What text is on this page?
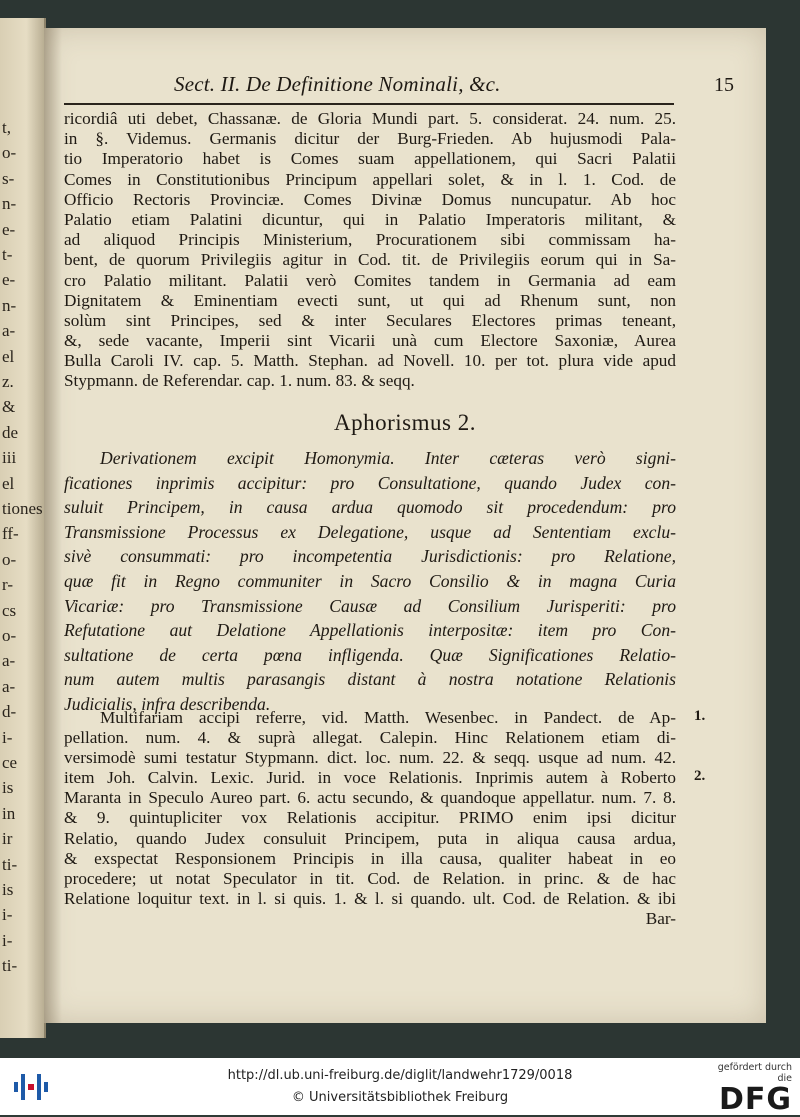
t,
o-
s-
n-
e-
t-
e-
n-
a-
el
z.
&
de
iii
el
tiones
ff-
o-
r-
cs
o-
a-
a-
d-
i-
ce
is
in
ir
ti-
is
i-
i-
ti-
Sect. II. De Definitione Nominali, &c.	15
ricordiâ uti debet, Chassanæ. de Gloria Mundi part. 5. considerat. 24. num. 25.
in §. Videmus. Germanis dicitur der Burg-Frieden. Ab hujusmodi Pala-
tio Imperatorio habet is Comes suam appellationem, qui Sacri Palatii
Comes in Constitutionibus Principum appellari solet, & in l. 1. Cod. de
Officio Rectoris Provinciæ. Comes Divinæ Domus nuncupatur. Ab hoc
Palatio etiam Palatini dicuntur, qui in Palatio Imperatoris militant, &
ad aliquod Principis Ministerium, Procurationem sibi commissam ha-
bent, de quorum Privilegiis agitur in Cod. tit. de Privilegiis eorum qui in Sa-
cro Palatio militant. Palatii verò Comites tandem in Germania ad eam
Dignitatem & Eminentiam evecti sunt, ut qui ad Rhenum sunt, non
solùm sint Principes, sed & inter Seculares Electores primas teneant,
&, sede vacante, Imperii sint Vicarii unà cum Electore Saxoniæ, Aurea
Bulla Caroli IV. cap. 5. Matth. Stephan. ad Novell. 10. per tot. plura vide apud
Stypmann. de Referendar. cap. 1. num. 83. & seqq.
Aphorismus 2.
Derivationem excipit Homonymia. Inter cæteras verò signi-
ficationes inprimis accipitur: pro Consultatione, quando Judex con-
suluit Principem, in causa ardua quomodo sit procedendum: pro
Transmissione Processus ex Delegatione, usque ad Sententiam exclu-
sivè consummati: pro incompetentia Jurisdictionis: pro Relatione,
quæ fit in Regno communiter in Sacro Consilio & in magna Curia
Vicariæ: pro Transmissione Causæ ad Consilium Jurisperiti: pro
Refutatione aut Delatione Appellationis interpositæ: item pro Con-
sultatione de certa pœna infligenda. Quæ Significationes Relatio-
num autem multis parasangis distant à nostra notatione Relationis
Judicialis, infra describenda.
Multifariam accipi referre, vid. Matth. Wesenbec. in Pandect. de Ap-
pellation. num. 4. & suprà allegat. Calepin. Hinc Relationem etiam di-
versimodè sumi testatur Stypmann. dict. loc. num. 22. & seqq. usque ad num. 42.
item Joh. Calvin. Lexic. Jurid. in voce Relationis. Inprimis autem à Roberto
Maranta in Speculo Aureo part. 6. actu secundo, & quandoque appellatur. num. 7. 8.
& 9. quintupliciter vox Relationis accipitur. PRIMO enim ipsi dicitur
Relatio, quando Judex consuluit Principem, puta in aliqua causa ardua,
& exspectat Responsionem Principis in illa causa, qualiter habeat in eo
procedere; ut notat Speculator in tit. Cod. de Relation. in princ. & de hac
Relatione loquitur text. in l. si quis. 1. & l. si quando. ult. Cod. de Relation. & ibi
Bar-
1.
2.
http://dl.ub.uni-freiburg.de/diglit/landwehr1729/0018
© Universitätsbibliothek Freiburg
gefördert durch die
DFG
